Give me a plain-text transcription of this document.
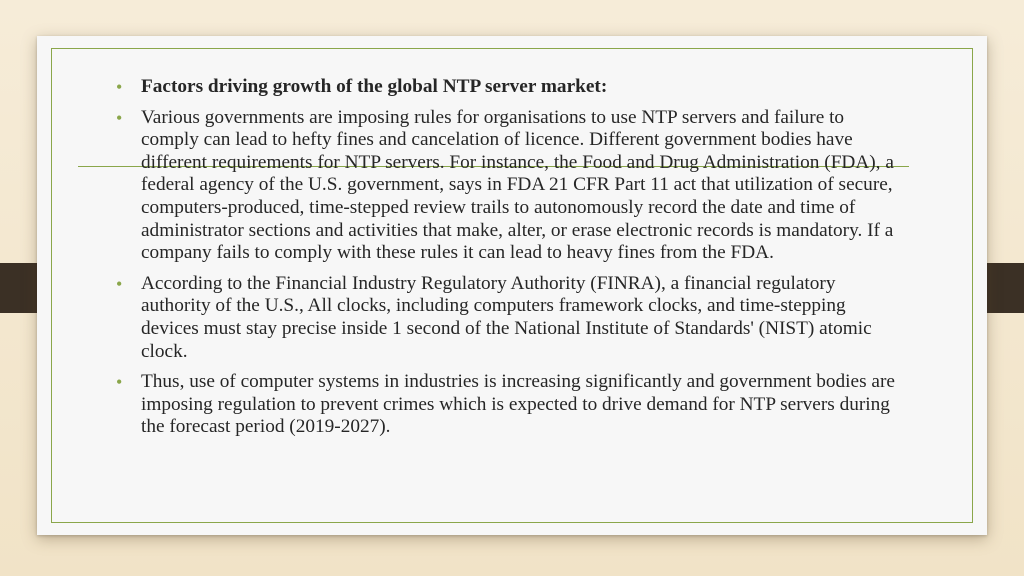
• Factors driving growth of the global NTP server market:
• Various governments are imposing rules for organisations to use NTP servers and failure to comply can lead to hefty fines and cancelation of licence. Different government bodies have different requirements for NTP servers. For instance, the Food and Drug Administration (FDA), a federal agency of the U.S. government, says in FDA 21 CFR Part 11 act that utilization of secure, computers-produced, time-stepped review trails to autonomously record the date and time of administrator sections and activities that make, alter, or erase electronic records is mandatory. If a company fails to comply with these rules it can lead to heavy fines from the FDA.
• According to the Financial Industry Regulatory Authority (FINRA), a financial regulatory authority of the U.S., All clocks, including computers framework clocks, and time-stepping devices must stay precise inside 1 second of the National Institute of Standards' (NIST) atomic clock.
• Thus, use of computer systems in industries is increasing significantly and government bodies are imposing regulation to prevent crimes which is expected to drive demand for NTP servers during the forecast period (2019-2027).
